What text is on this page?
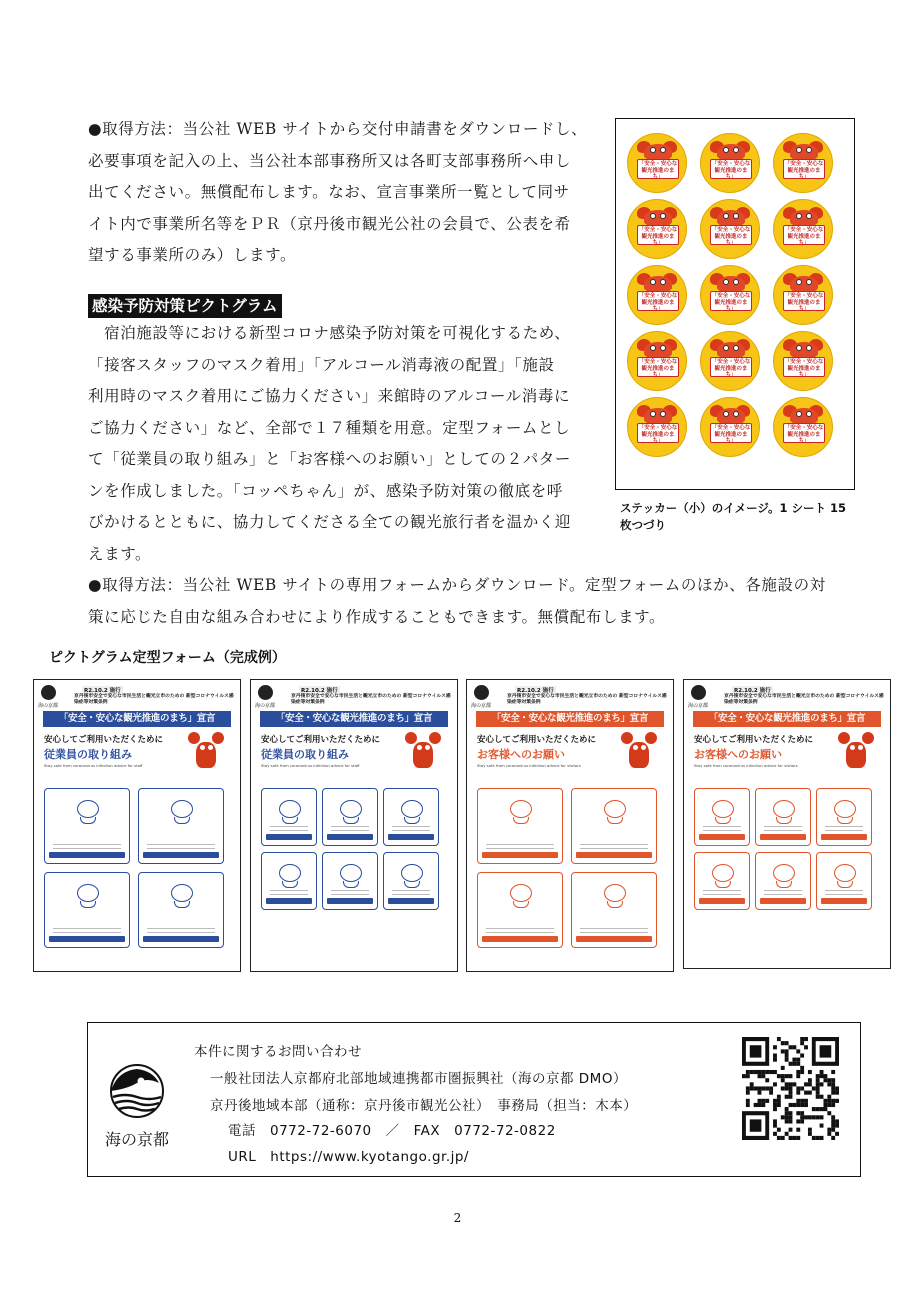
●取得方法：当公社 WEB サイトから交付申請書をダウンロードし、
必要事項を記入の上、当公社本部事務所又は各町支部事務所へ申し
出てください。無償配布します。なお、宣言事業所一覧として同サ
イト内で事業所名等をＰＲ（京丹後市観光公社の会員で、公表を希
望する事業所のみ）します。
感染予防対策ピクトグラム
　宿泊施設等における新型コロナ感染予防対策を可視化するため、
「接客スタッフのマスク着用」「アルコール消毒液の配置」「施設
利用時のマスク着用にご協力ください」来館時のアルコール消毒に
ご協力ください」など、全部で１７種類を用意。定型フォームとし
て「従業員の取り組み」と「お客様へのお願い」としての２パター
ンを作成しました。「コッペちゃん」が、感染予防対策の徹底を呼
びかけるとともに、協力してくださる全ての観光旅行者を温かく迎
えます。
●取得方法：当公社 WEB サイトの専用フォームからダウンロード。定型フォームのほか、各施設の対
策に応じた自由な組み合わせにより作成することもできます。無償配布します。
「安全・安心な観光推進のまち」
「安全・安心な観光推進のまち」
「安全・安心な観光推進のまち」
「安全・安心な観光推進のまち」
「安全・安心な観光推進のまち」
「安全・安心な観光推進のまち」
「安全・安心な観光推進のまち」
「安全・安心な観光推進のまち」
「安全・安心な観光推進のまち」
「安全・安心な観光推進のまち」
「安全・安心な観光推進のまち」
「安全・安心な観光推進のまち」
「安全・安心な観光推進のまち」
「安全・安心な観光推進のまち」
「安全・安心な観光推進のまち」
ステッカー（小）のイメージ。1 シート 15 枚つづり
ピクトグラム定型フォーム（完成例）
海の京都
R2.10.2 施行
京丹後市安全で安心な市民生活と観光立市のための 新型コロナウイルス感染症等対策条例
「安全・安心な観光推進のまち」宣言
安心してご利用いただくために
従業員の取り組み
Stay safe from coronavirus infection advice for staff
海の京都
R2.10.2 施行
京丹後市安全で安心な市民生活と観光立市のための 新型コロナウイルス感染症等対策条例
「安全・安心な観光推進のまち」宣言
安心してご利用いただくために
従業員の取り組み
Stay safe from coronavirus infection advice for staff
海の京都
R2.10.2 施行
京丹後市安全で安心な市民生活と観光立市のための 新型コロナウイルス感染症等対策条例
「安全・安心な観光推進のまち」宣言
安心してご利用いただくために
お客様へのお願い
Stay safe from coronavirus infection advice for visitors
海の京都
R2.10.2 施行
京丹後市安全で安心な市民生活と観光立市のための 新型コロナウイルス感染症等対策条例
「安全・安心な観光推進のまち」宣言
安心してご利用いただくために
お客様へのお願い
Stay safe from coronavirus infection advice for visitors
海の京都
本件に関するお問い合わせ
一般社団法人京都府北部地域連携都市圏振興社（海の京都 DMO）
京丹後地域本部（通称：京丹後市観光公社）　事務局（担当：木本）
電話　0772-72-6070　／　FAX　0772-72-0822
URL　https://www.kyotango.gr.jp/
2
